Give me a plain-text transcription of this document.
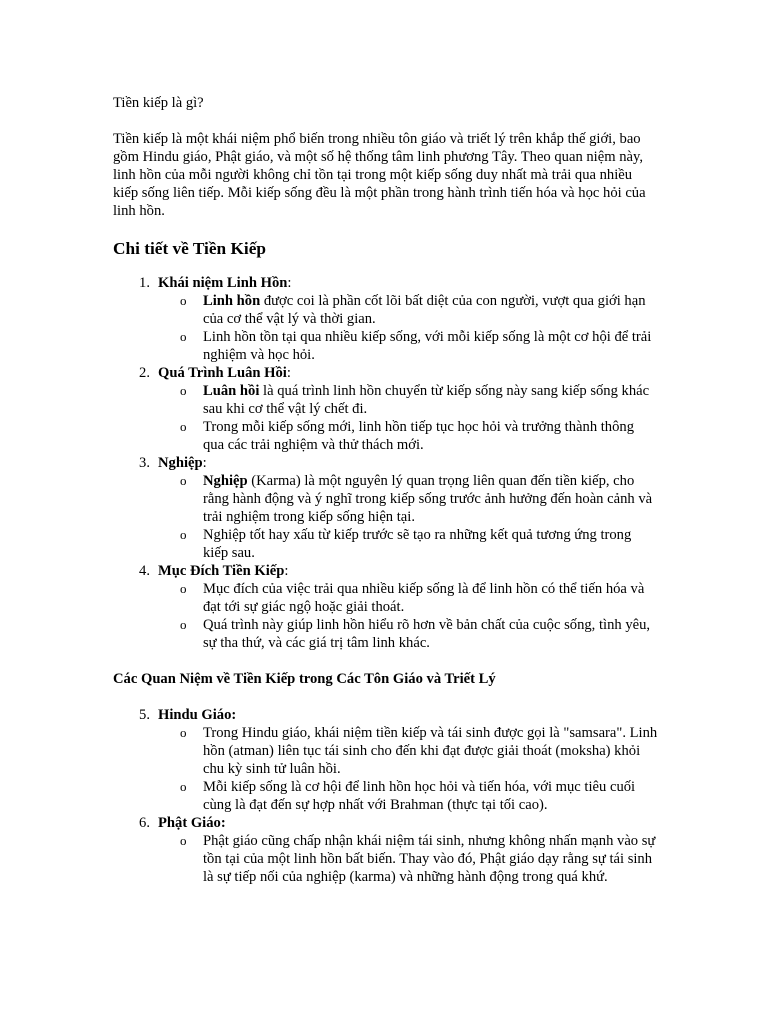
Tiền kiếp là gì?

Tiền kiếp là một khái niệm phổ biến trong nhiều tôn giáo và triết lý trên khắp thế giới, bao gồm Hindu giáo, Phật giáo, và một số hệ thống tâm linh phương Tây. Theo quan niệm này, linh hồn của mỗi người không chỉ tồn tại trong một kiếp sống duy nhất mà trải qua nhiều kiếp sống liên tiếp. Mỗi kiếp sống đều là một phần trong hành trình tiến hóa và học hỏi của linh hồn.

Chi tiết về Tiền Kiếp
1. Khái niệm Linh Hồn:
o Linh hồn được coi là phần cốt lõi bất diệt của con người, vượt qua giới hạn của cơ thể vật lý và thời gian.
o Linh hồn tồn tại qua nhiều kiếp sống, với mỗi kiếp sống là một cơ hội để trải nghiệm và học hỏi.
2. Quá Trình Luân Hồi:
o Luân hồi là quá trình linh hồn chuyển từ kiếp sống này sang kiếp sống khác sau khi cơ thể vật lý chết đi.
o Trong mỗi kiếp sống mới, linh hồn tiếp tục học hỏi và trưởng thành thông qua các trải nghiệm và thử thách mới.
3. Nghiệp:
o Nghiệp (Karma) là một nguyên lý quan trọng liên quan đến tiền kiếp, cho rằng hành động và ý nghĩ trong kiếp sống trước ảnh hưởng đến hoàn cảnh và trải nghiệm trong kiếp sống hiện tại.
o Nghiệp tốt hay xấu từ kiếp trước sẽ tạo ra những kết quả tương ứng trong kiếp sau.
4. Mục Đích Tiền Kiếp:
o Mục đích của việc trải qua nhiều kiếp sống là để linh hồn có thể tiến hóa và đạt tới sự giác ngộ hoặc giải thoát.
o Quá trình này giúp linh hồn hiểu rõ hơn về bản chất của cuộc sống, tình yêu, sự tha thứ, và các giá trị tâm linh khác.
Các Quan Niệm về Tiền Kiếp trong Các Tôn Giáo và Triết Lý
5. Hindu Giáo:
o Trong Hindu giáo, khái niệm tiền kiếp và tái sinh được gọi là "samsara". Linh hồn (atman) liên tục tái sinh cho đến khi đạt được giải thoát (moksha) khỏi chu kỳ sinh tử luân hồi.
o Mỗi kiếp sống là cơ hội để linh hồn học hỏi và tiến hóa, với mục tiêu cuối cùng là đạt đến sự hợp nhất với Brahman (thực tại tối cao).
6. Phật Giáo:
o Phật giáo cũng chấp nhận khái niệm tái sinh, nhưng không nhấn mạnh vào sự tồn tại của một linh hồn bất biến. Thay vào đó, Phật giáo dạy rằng sự tái sinh là sự tiếp nối của nghiệp (karma) và những hành động trong quá khứ.
